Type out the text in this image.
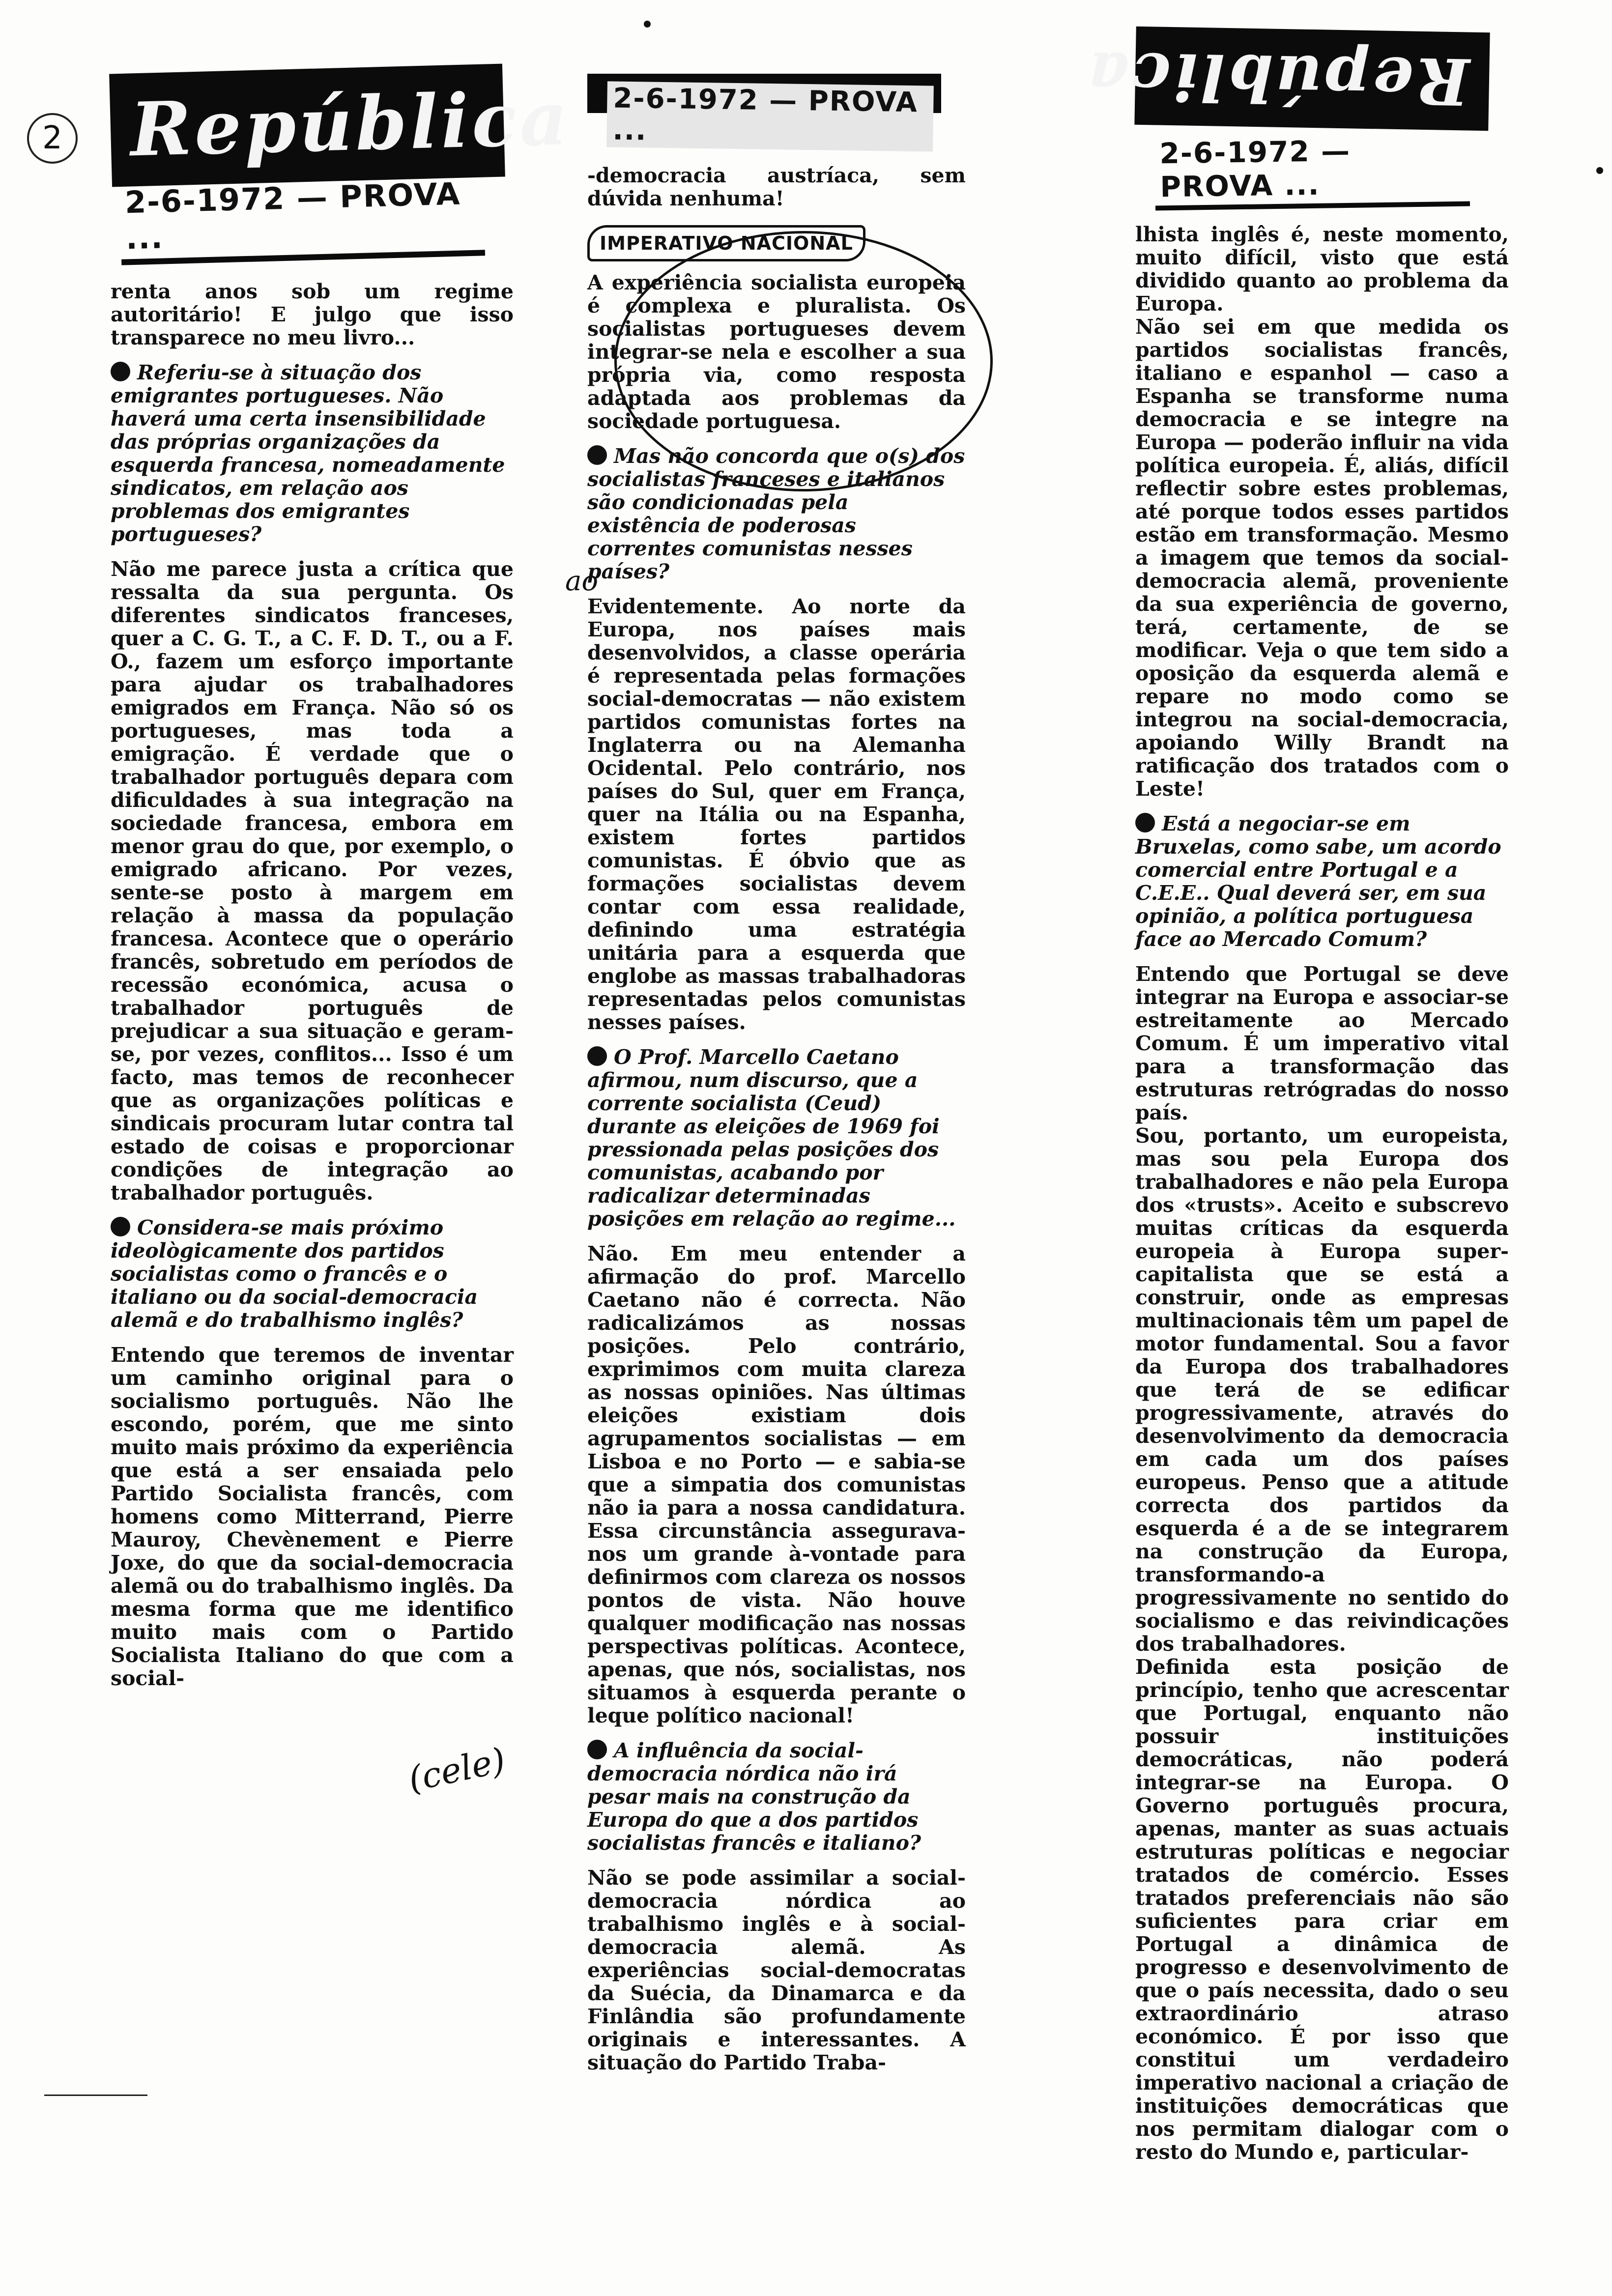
2
ao
(cele)
República
2-6-1972 — PROVA ...

renta anos sob um regime autoritário! E julgo que isso transparece no meu livro...

Referiu-se à situação dos emigrantes portugueses. Não haverá uma certa insensibilidade das próprias organizações da esquerda francesa, nomeadamente sindicatos, em relação aos problemas dos emigrantes portugueses?

Não me parece justa a crítica que ressalta da sua pergunta. Os diferentes sindicatos franceses, quer a C. G. T., a C. F. D. T., ou a F. O., fazem um esforço importante para ajudar os trabalhadores emigrados em França. Não só os portugueses, mas toda a emigração. É verdade que o trabalhador português depara com dificuldades à sua integração na sociedade francesa, embora em menor grau do que, por exemplo, o emigrado africano. Por vezes, sente-se posto à margem em relação à massa da população francesa. Acontece que o operário francês, sobretudo em períodos de recessão económica, acusa o trabalhador português de prejudicar a sua situação e geram-se, por vezes, conflitos... Isso é um facto, mas temos de reconhecer que as organizações políticas e sindicais procuram lutar contra tal estado de coisas e proporcionar condições de integração ao trabalhador português.

Considera-se mais próximo ideològicamente dos partidos socialistas como o francês e o italiano ou da social-democracia alemã e do trabalhismo inglês?

Entendo que teremos de inventar um caminho original para o socialismo português. Não lhe escondo, porém, que me sinto muito mais próximo da experiência que está a ser ensaiada pelo Partido Socialista francês, com homens como Mitterrand, Pierre Mauroy, Chevènement e Pierre Joxe, do que da social-democracia alemã ou do trabalhismo inglês. Da mesma forma que me identifico muito mais com o Partido Socialista Italiano do que com a social-

2-6-1972 — PROVA ...

-democracia austríaca, sem dúvida nenhuma!

IMPERATIVO NACIONAL

A experiência socialista europeia é complexa e pluralista. Os socialistas portugueses devem integrar-se nela e escolher a sua própria via, como resposta adaptada aos problemas da sociedade portuguesa.

Mas não concorda que o(s) dos socialistas franceses e italianos são condicionadas pela existência de poderosas correntes comunistas nesses países?

Evidentemente. Ao norte da Europa, nos países mais desenvolvidos, a classe operária é representada pelas formações social-democratas — não existem partidos comunistas fortes na Inglaterra ou na Alemanha Ocidental. Pelo contrário, nos países do Sul, quer em França, quer na Itália ou na Espanha, existem fortes partidos comunistas. É óbvio que as formações socialistas devem contar com essa realidade, definindo uma estratégia unitária para a esquerda que englobe as massas trabalhadoras representadas pelos comunistas nesses países.

O Prof. Marcello Caetano afirmou, num discurso, que a corrente socialista (Ceud) durante as eleições de 1969 foi pressionada pelas posições dos comunistas, acabando por radicalizar determinadas posições em relação ao regime...

Não. Em meu entender a afirmação do prof. Marcello Caetano não é correcta. Não radicalizámos as nossas posições. Pelo contrário, exprimimos com muita clareza as nossas opiniões. Nas últimas eleições existiam dois agrupamentos socialistas — em Lisboa e no Porto — e sabia-se que a simpatia dos comunistas não ia para a nossa candidatura. Essa circunstância assegurava-nos um grande à-vontade para definirmos com clareza os nossos pontos de vista. Não houve qualquer modificação nas nossas perspectivas políticas. Acontece, apenas, que nós, socialistas, nos situamos à esquerda perante o leque político nacional!

A influência da social-democracia nórdica não irá pesar mais na construção da Europa do que a dos partidos socialistas francês e italiano?

Não se pode assimilar a social-democracia nórdica ao trabalhismo inglês e à social-democracia alemã. As experiências social-democratas da Suécia, da Dinamarca e da Finlândia são profundamente originais e interessantes. A situação do Partido Traba-

República
2-6-1972 — PROVA ...

lhista inglês é, neste momento, muito difícil, visto que está dividido quanto ao problema da Europa.

Não sei em que medida os partidos socialistas francês, italiano e espanhol — caso a Espanha se transforme numa democracia e se integre na Europa — poderão influir na vida política europeia. É, aliás, difícil reflectir sobre estes problemas, até porque todos esses partidos estão em transformação. Mesmo a imagem que temos da social-democracia alemã, proveniente da sua experiência de governo, terá, certamente, de se modificar. Veja o que tem sido a oposição da esquerda alemã e repare no modo como se integrou na social-democracia, apoiando Willy Brandt na ratificação dos tratados com o Leste!

Está a negociar-se em Bruxelas, como sabe, um acordo comercial entre Portugal e a C.E.E.. Qual deverá ser, em sua opinião, a política portuguesa face ao Mercado Comum?

Entendo que Portugal se deve integrar na Europa e associar-se estreitamente ao Mercado Comum. É um imperativo vital para a transformação das estruturas retrógradas do nosso país.

Sou, portanto, um europeista, mas sou pela Europa dos trabalhadores e não pela Europa dos «trusts». Aceito e subscrevo muitas críticas da esquerda europeia à Europa super-capitalista que se está a construir, onde as empresas multinacionais têm um papel de motor fundamental. Sou a favor da Europa dos trabalhadores que terá de se edificar progressivamente, através do desenvolvimento da democracia em cada um dos países europeus. Penso que a atitude correcta dos partidos da esquerda é a de se integrarem na construção da Europa, transformando-a progressivamente no sentido do socialismo e das reivindicações dos trabalhadores.

Definida esta posição de princípio, tenho que acrescentar que Portugal, enquanto não possuir instituições democráticas, não poderá integrar-se na Europa. O Governo português procura, apenas, manter as suas actuais estruturas políticas e negociar tratados de comércio. Esses tratados preferenciais não são suficientes para criar em Portugal a dinâmica de progresso e desenvolvimento de que o país necessita, dado o seu extraordinário atraso económico. É por isso que constitui um verdadeiro imperativo nacional a criação de instituições democráticas que nos permitam dialogar com o resto do Mundo e, particular-
